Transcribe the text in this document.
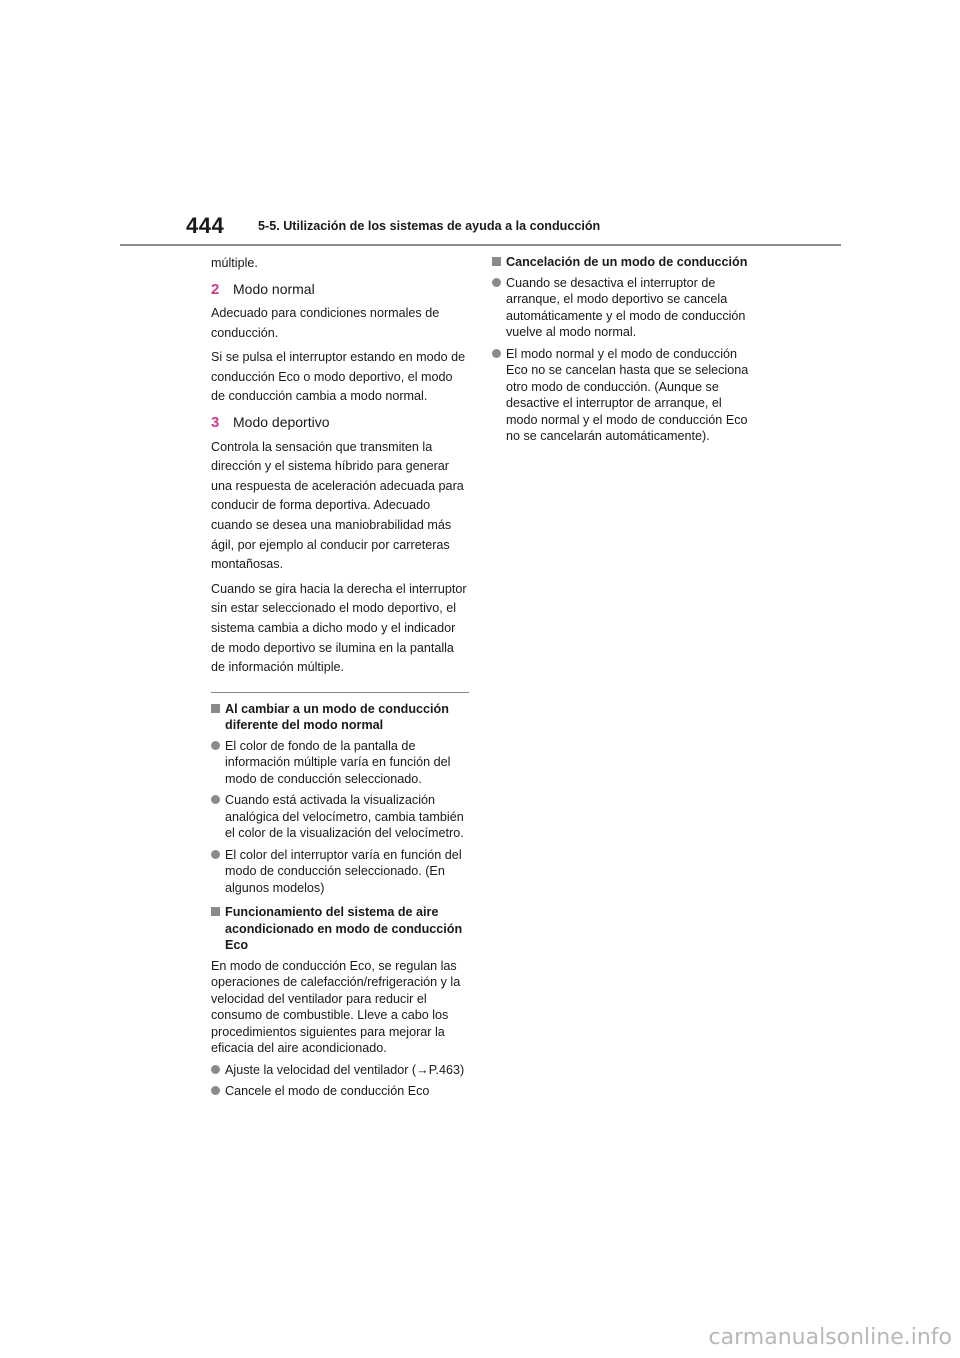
444	5-5. Utilización de los sistemas de ayuda a la conducción

múltiple.

2 Modo normal

Adecuado para condiciones normales de conducción.

Si se pulsa el interruptor estando en modo de conducción Eco o modo deportivo, el modo de conducción cambia a modo normal.

3 Modo deportivo

Controla la sensación que transmiten la dirección y el sistema híbrido para generar una respuesta de aceleración adecuada para conducir de forma deportiva. Adecuado cuando se desea una maniobrabilidad más ágil, por ejemplo al conducir por carreteras montañosas.

Cuando se gira hacia la derecha el interruptor sin estar seleccionado el modo deportivo, el sistema cambia a dicho modo y el indicador de modo deportivo se ilumina en la pantalla de información múltiple.

Al cambiar a un modo de conducción diferente del modo normal
El color de fondo de la pantalla de información múltiple varía en función del modo de conducción seleccionado.
Cuando está activada la visualización analógica del velocímetro, cambia también el color de la visualización del velocímetro.
El color del interruptor varía en función del modo de conducción seleccionado. (En algunos modelos)
Funcionamiento del sistema de aire acondicionado en modo de conducción Eco

En modo de conducción Eco, se regulan las operaciones de calefacción/refrigeración y la velocidad del ventilador para reducir el consumo de combustible. Lleve a cabo los procedimientos siguientes para mejorar la eficacia del aire acondicionado.

Ajuste la velocidad del ventilador (→P.463)
Cancele el modo de conducción Eco
Cancelación de un modo de conducción
Cuando se desactiva el interruptor de arranque, el modo deportivo se cancela automáticamente y el modo de conducción vuelve al modo normal.
El modo normal y el modo de conducción Eco no se cancelan hasta que se seleciona otro modo de conducción. (Aunque se desactive el interruptor de arranque, el modo normal y el modo de conducción Eco no se cancelarán automáticamente).
carmanualsonline.info
